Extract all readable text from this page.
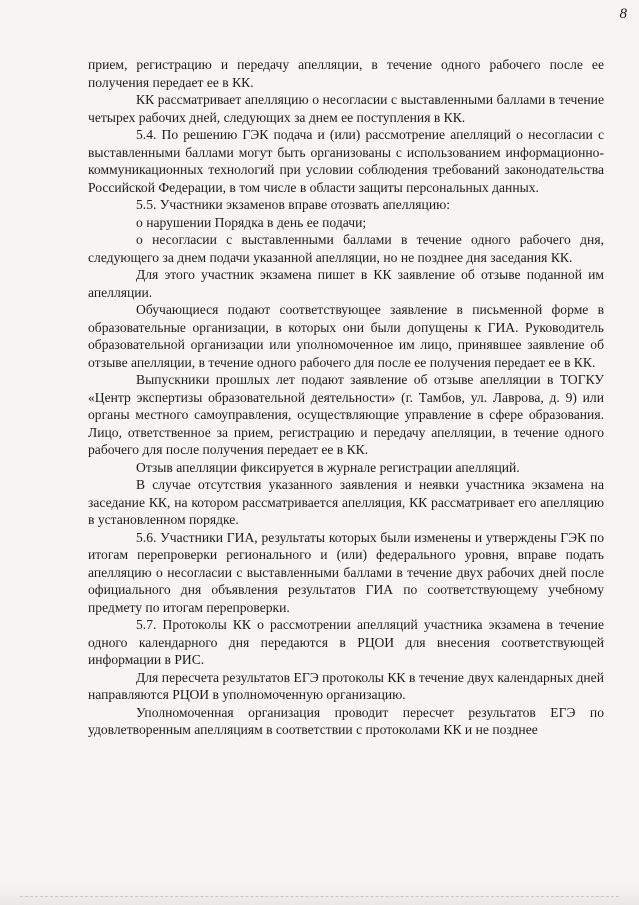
8

прием, регистрацию и передачу апелляции, в течение одного рабочего после ее получения передает ее в КК.

КК рассматривает апелляцию о несогласии с выставленными баллами в течение четырех рабочих дней, следующих за днем ее поступления в КК.

5.4. По решению ГЭК подача и (или) рассмотрение апелляций о несогласии с выставленными баллами могут быть организованы с использованием информационно-коммуникационных технологий при условии соблюдения требований законодательства Российской Федерации, в том числе в области защиты персональных данных.

5.5. Участники экзаменов вправе отозвать апелляцию:

о нарушении Порядка в день ее подачи;

о несогласии с выставленными баллами в течение одного рабочего дня, следующего за днем подачи указанной апелляции, но не позднее дня заседания КК.

Для этого участник экзамена пишет в КК заявление об отзыве поданной им апелляции.

Обучающиеся подают соответствующее заявление в письменной форме в образовательные организации, в которых они были допущены к ГИА. Руководитель образовательной организации или уполномоченное им лицо, принявшее заявление об отзыве апелляции, в течение одного рабочего для после ее получения передает ее в КК.

Выпускники прошлых лет подают заявление об отзыве апелляции в ТОГКУ «Центр экспертизы образовательной деятельности» (г. Тамбов, ул. Лаврова, д. 9) или органы местного самоуправления, осуществляющие управление в сфере образования. Лицо, ответственное за прием, регистрацию и передачу апелляции, в течение одного рабочего для после получения передает ее в КК.

Отзыв апелляции фиксируется в журнале регистрации апелляций.

В случае отсутствия указанного заявления и неявки участника экзамена на заседание КК, на котором рассматривается апелляция, КК рассматривает его апелляцию в установленном порядке.

5.6. Участники ГИА, результаты которых были изменены и утверждены ГЭК по итогам перепроверки регионального и (или) федерального уровня, вправе подать апелляцию о несогласии с выставленными баллами в течение двух рабочих дней после официального дня объявления результатов ГИА по соответствующему учебному предмету по итогам перепроверки.

5.7. Протоколы КК о рассмотрении апелляций участника экзамена в течение одного календарного дня передаются в РЦОИ для внесения соответствующей информации в РИС.

Для пересчета результатов ЕГЭ протоколы КК в течение двух календарных дней направляются РЦОИ в уполномоченную организацию.

Уполномоченная организация проводит пересчет результатов ЕГЭ по удовлетворенным апелляциям в соответствии с протоколами КК и не позднее
